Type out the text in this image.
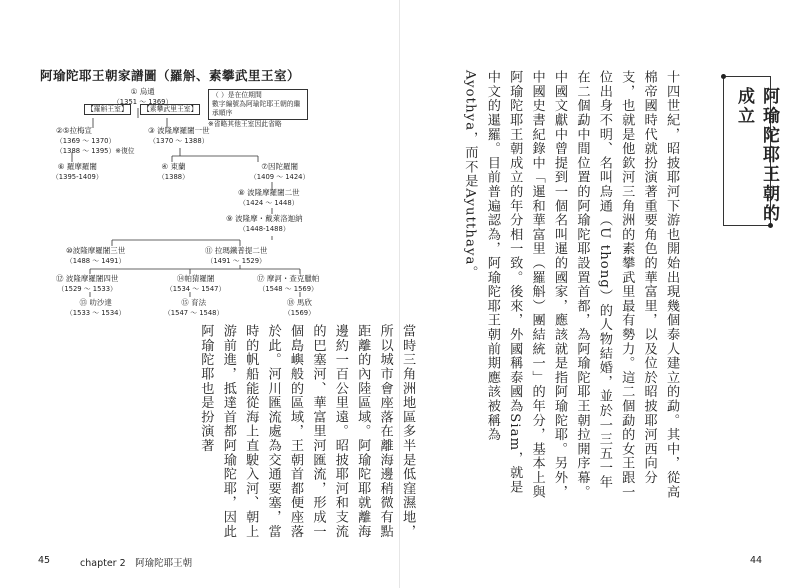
阿瑜陀耶王朝家譜圖（羅斛、素攀武里王室）
① 烏通
（1351 ～ 1369）
【羅斛王室】	【素攀武里王室】
（ ）是在位期間
數字編號為阿瑜陀耶王朝的繼承順序
※省略其他王室因此省略
②⑤拉梅宣
（1369 ～ 1370）
（1388 ～ 1395）※復位
③ 波隆摩羅闍一世
（1370 ～ 1388）
⑥ 羅摩羅闍
（1395-1409）
④ 東蘭
（1388）
⑦因陀羅闍
（1409 ～ 1424）
⑧ 波隆摩羅闍二世
（1424 ～ 1448）
⑨ 波隆摩・戴萊洛迦納
（1448-1488）
⑩波隆摩羅闍三世
（1488 ～ 1491）
⑪ 拉瑪鐵普提二世
（1491 ～ 1529）
⑫ 波隆摩羅闍四世
（1529 ～ 1533）
⑭帕猜羅闍
（1534 ～ 1547）
⑰ 摩訶・查克臘帕
（1548 ～ 1569）
⑬ 叻沙達
（1533 ～ 1534）
⑮ 育法
（1547 ～ 1548）
⑱ 馬欣
（1569）
當時三角洲地區多半是低窪濕地，所以城市會座落在離海邊稍微有點距離的內陸區域。阿瑜陀耶就離海邊約一百公里遠。昭披耶河和支流的巴塞河、華富里河匯流，形成一個島嶼般的區域，王朝首都便座落於此。河川匯流處為交通要塞，當時的帆船能從海上直駛入河、朝上游前進，抵達首都阿瑜陀耶，因此阿瑜陀耶也是扮演著
45	chapter 2　阿瑜陀耶王朝
阿瑜陀耶王朝的成立
十四世紀，昭披耶河下游也開始出現幾個泰人建立的勐。其中，從高棉帝國時代就扮演著重要角色的華富里，以及位於昭披耶河西向分支，也就是他欽河三角洲的素攀武里最有勢力。這二個勐的女王跟一位出身不明、名叫烏通（U thong）的人物結婚，並於一三五一年在二個勐中間位置的阿瑜陀耶設置首都，為阿瑜陀耶王朝拉開序幕。中國文獻中曾提到一個名叫暹的國家，應該就是指阿瑜陀耶。另外，中國史書紀錄中「暹和華富里（羅斛）團結統一」的年分，基本上與阿瑜陀耶王朝成立的年分相一致。後來，外國稱泰國為Siam，就是中文的暹羅。目前普遍認為，阿瑜陀耶王朝前期應該被稱為Ayothya，而不是Ayutthaya。
44
